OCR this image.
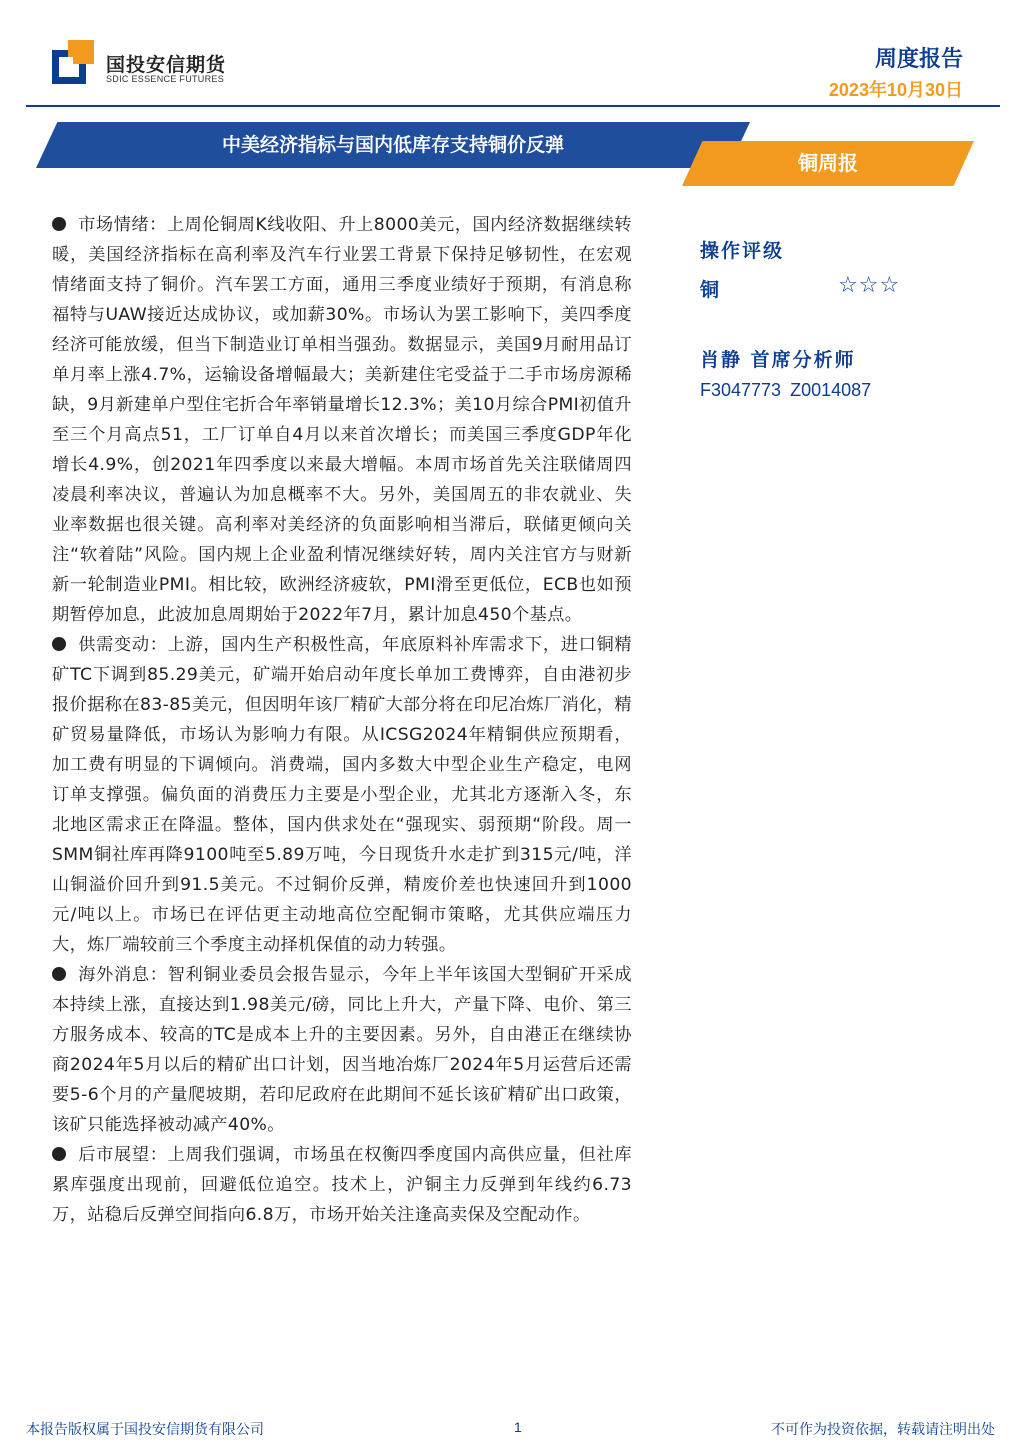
国投安信期货
SDIC ESSENCE FUTURES
周度报告
2023年10月30日
中美经济指标与国内低库存支持铜价反弹
铜周报

市场情绪：上周伦铜周K线收阳、升上8000美元，国内经济数据继续转暖，美国经济指标在高利率及汽车行业罢工背景下保持足够韧性，在宏观情绪面支持了铜价。汽车罢工方面，通用三季度业绩好于预期，有消息称福特与UAW接近达成协议，或加薪30%。市场认为罢工影响下，美四季度经济可能放缓，但当下制造业订单相当强劲。数据显示，美国9月耐用品订单月率上涨4.7%，运输设备增幅最大；美新建住宅受益于二手市场房源稀缺，9月新建单户型住宅折合年率销量增长12.3%；美10月综合PMI初值升至三个月高点51，工厂订单自4月以来首次增长；而美国三季度GDP年化增长4.9%，创2021年四季度以来最大增幅。本周市场首先关注联储周四凌晨利率决议，普遍认为加息概率不大。另外，美国周五的非农就业、失业率数据也很关键。高利率对美经济的负面影响相当滞后，联储更倾向关注“软着陆”风险。国内规上企业盈利情况继续好转，周内关注官方与财新新一轮制造业PMI。相比较，欧洲经济疲软，PMI滑至更低位，ECB也如预期暂停加息，此波加息周期始于2022年7月，累计加息450个基点。

供需变动：上游，国内生产积极性高，年底原料补库需求下，进口铜精矿TC下调到85.29美元，矿端开始启动年度长单加工费博弈，自由港初步报价据称在83-85美元，但因明年该厂精矿大部分将在印尼冶炼厂消化，精矿贸易量降低，市场认为影响力有限。从ICSG2024年精铜供应预期看，加工费有明显的下调倾向。消费端，国内多数大中型企业生产稳定，电网订单支撑强。偏负面的消费压力主要是小型企业，尤其北方逐渐入冬，东北地区需求正在降温。整体，国内供求处在“强现实、弱预期“阶段。周一SMM铜社库再降9100吨至5.89万吨，今日现货升水走扩到315元/吨，洋山铜溢价回升到91.5美元。不过铜价反弹，精废价差也快速回升到1000元/吨以上。市场已在评估更主动地高位空配铜市策略，尤其供应端压力大，炼厂端较前三个季度主动择机保值的动力转强。

海外消息：智利铜业委员会报告显示，今年上半年该国大型铜矿开采成本持续上涨，直接达到1.98美元/磅，同比上升大，产量下降、电价、第三方服务成本、较高的TC是成本上升的主要因素。另外，自由港正在继续协商2024年5月以后的精矿出口计划，因当地冶炼厂2024年5月运营后还需要5-6个月的产量爬坡期，若印尼政府在此期间不延长该矿精矿出口政策，该矿只能选择被动减产40%。

后市展望：上周我们强调，市场虽在权衡四季度国内高供应量，但社库累库强度出现前，回避低位追空。技术上，沪铜主力反弹到年线约6.73万，站稳后反弹空间指向6.8万，市场开始关注逢高卖保及空配动作。

操作评级
铜	☆☆☆
肖静 首席分析师
F3047773 Z0014087
本报告版权属于国投安信期货有限公司	1	不可作为投资依据，转载请注明出处
